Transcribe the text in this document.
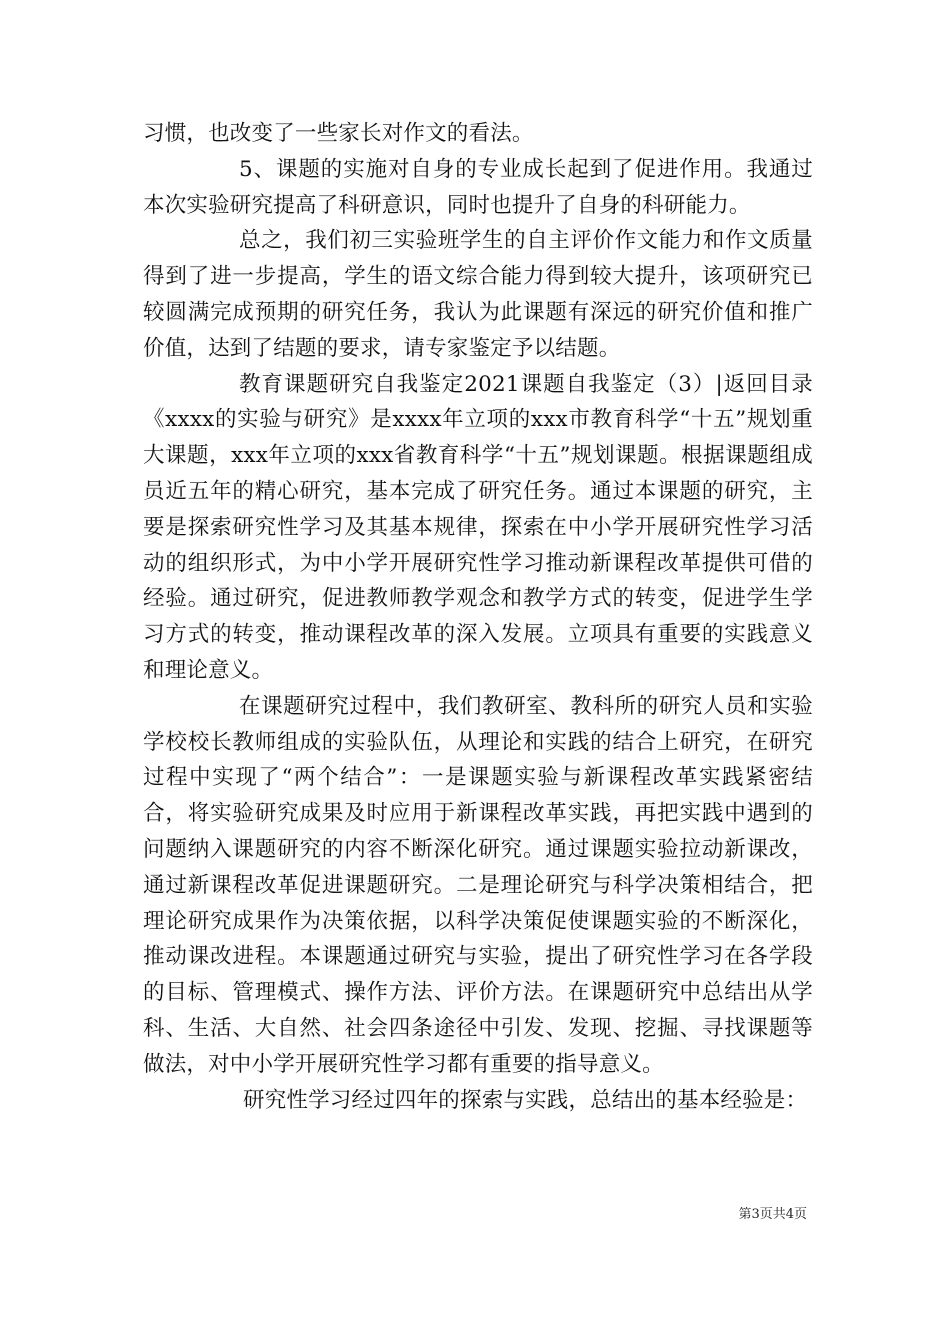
习惯，也改变了一些家长对作文的看法。

5、课题的实施对自身的专业成长起到了促进作用。我通过本次实验研究提高了科研意识，同时也提升了自身的科研能力。

总之，我们初三实验班学生的自主评价作文能力和作文质量得到了进一步提高，学生的语文综合能力得到较大提升，该项研究已较圆满完成预期的研究任务，我认为此课题有深远的研究价值和推广价值，达到了结题的要求，请专家鉴定予以结题。

教育课题研究自我鉴定2021课题自我鉴定（3）|返回目录《xxxx的实验与研究》是xxxx年立项的xxx市教育科学“十五”规划重大课题，xxx年立项的xxx省教育科学“十五”规划课题。根据课题组成员近五年的精心研究，基本完成了研究任务。通过本课题的研究，主要是探索研究性学习及其基本规律，探索在中小学开展研究性学习活动的组织形式，为中小学开展研究性学习推动新课程改革提供可借的经验。通过研究，促进教师教学观念和教学方式的转变，促进学生学习方式的转变，推动课程改革的深入发展。立项具有重要的实践意义和理论意义。

在课题研究过程中，我们教研室、教科所的研究人员和实验学校校长教师组成的实验队伍，从理论和实践的结合上研究，在研究过程中实现了“两个结合”：一是课题实验与新课程改革实践紧密结合，将实验研究成果及时应用于新课程改革实践，再把实践中遇到的问题纳入课题研究的内容不断深化研究。通过课题实验拉动新课改，通过新课程改革促进课题研究。二是理论研究与科学决策相结合，把理论研究成果作为决策依据，以科学决策促使课题实验的不断深化，推动课改进程。本课题通过研究与实验，提出了研究性学习在各学段的目标、管理模式、操作方法、评价方法。在课题研究中总结出从学科、生活、大自然、社会四条途径中引发、发现、挖掘、寻找课题等做法，对中小学开展研究性学习都有重要的指导意义。

研究性学习经过四年的探索与实践，总结出的基本经验是：

第3页共4页
